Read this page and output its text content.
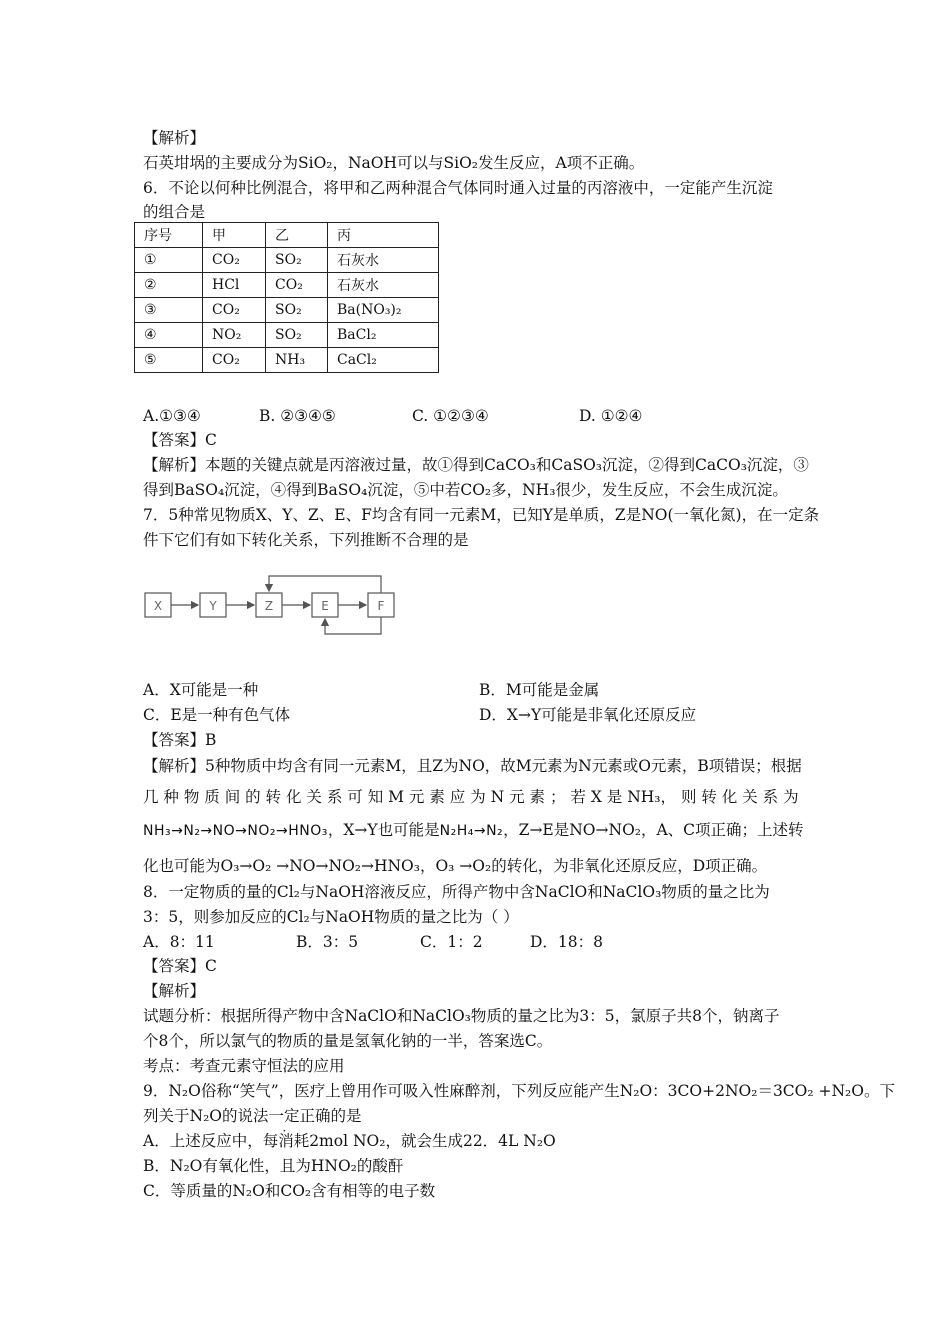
【解析】
石英坩埚的主要成分为SiO₂，NaOH可以与SiO₂发生反应，A项不正确。
6．不论以何种比例混合，将甲和乙两种混合气体同时通入过量的丙溶液中，一定能产生沉淀
的组合是
序号	甲	乙	丙
①	CO₂	SO₂	石灰水
②	HCl	CO₂	石灰水
③	CO₂	SO₂	Ba(NO₃)₂
④	NO₂	SO₂	BaCl₂
⑤	CO₂	NH₃	CaCl₂
A.①③④	B. ②③④⑤	C. ①②③④	D. ①②④
【答案】C
【解析】本题的关键点就是丙溶液过量，故①得到CaCO₃和CaSO₃沉淀，②得到CaCO₃沉淀，③
得到BaSO₄沉淀，④得到BaSO₄沉淀，⑤中若CO₂多，NH₃很少，发生反应，不会生成沉淀。
7．5种常见物质X、Y、Z、E、F均含有同一元素M，已知Y是单质，Z是NO(一氧化氮)，在一定条
件下它们有如下转化关系，下列推断不合理的是
X	Y	Z	E	F
A．X可能是一种	B．M可能是金属
C．E是一种有色气体	D．X→Y可能是非氧化还原反应
【答案】B
【解析】5种物质中均含有同一元素M，且Z为NO，故M元素为N元素或O元素，B项错误；根据
几 种 物 质 间 的 转 化 关 系 可 知 M 元 素 应 为 N 元 素 ； 若 X 是 NH₃， 则 转 化 关 系 为
NH₃→N₂→NO→NO₂→HNO₃，X→Y也可能是N₂H₄→N₂，Z→E是NO→NO₂，A、C项正确；上述转
化也可能为O₃→O₂ →NO→NO₂→HNO₃，O₃ →O₂的转化，为非氧化还原反应，D项正确。
8．一定物质的量的Cl₂与NaOH溶液反应，所得产物中含NaClO和NaClO₃物质的量之比为
3：5，则参加反应的Cl₂与NaOH物质的量之比为（ ）
A．8：11	B．3：5	C．1：2	D．18：8
【答案】C
【解析】
试题分析：根据所得产物中含NaClO和NaClO₃物质的量之比为3：5，氯原子共8个，钠离子
个8个，所以氯气的物质的量是氢氧化钠的一半，答案选C。
考点：考查元素守恒法的应用
9．N₂O俗称“笑气”，医疗上曾用作可吸入性麻醉剂，下列反应能产生N₂O：3CO+2NO₂＝3CO₂ +N₂O。下
列关于N₂O的说法一定正确的是
A．上述反应中，每消耗2mol NO₂，就会生成22．4L N₂O
B．N₂O有氧化性，且为HNO₂的酸酐
C．等质量的N₂O和CO₂含有相等的电子数
